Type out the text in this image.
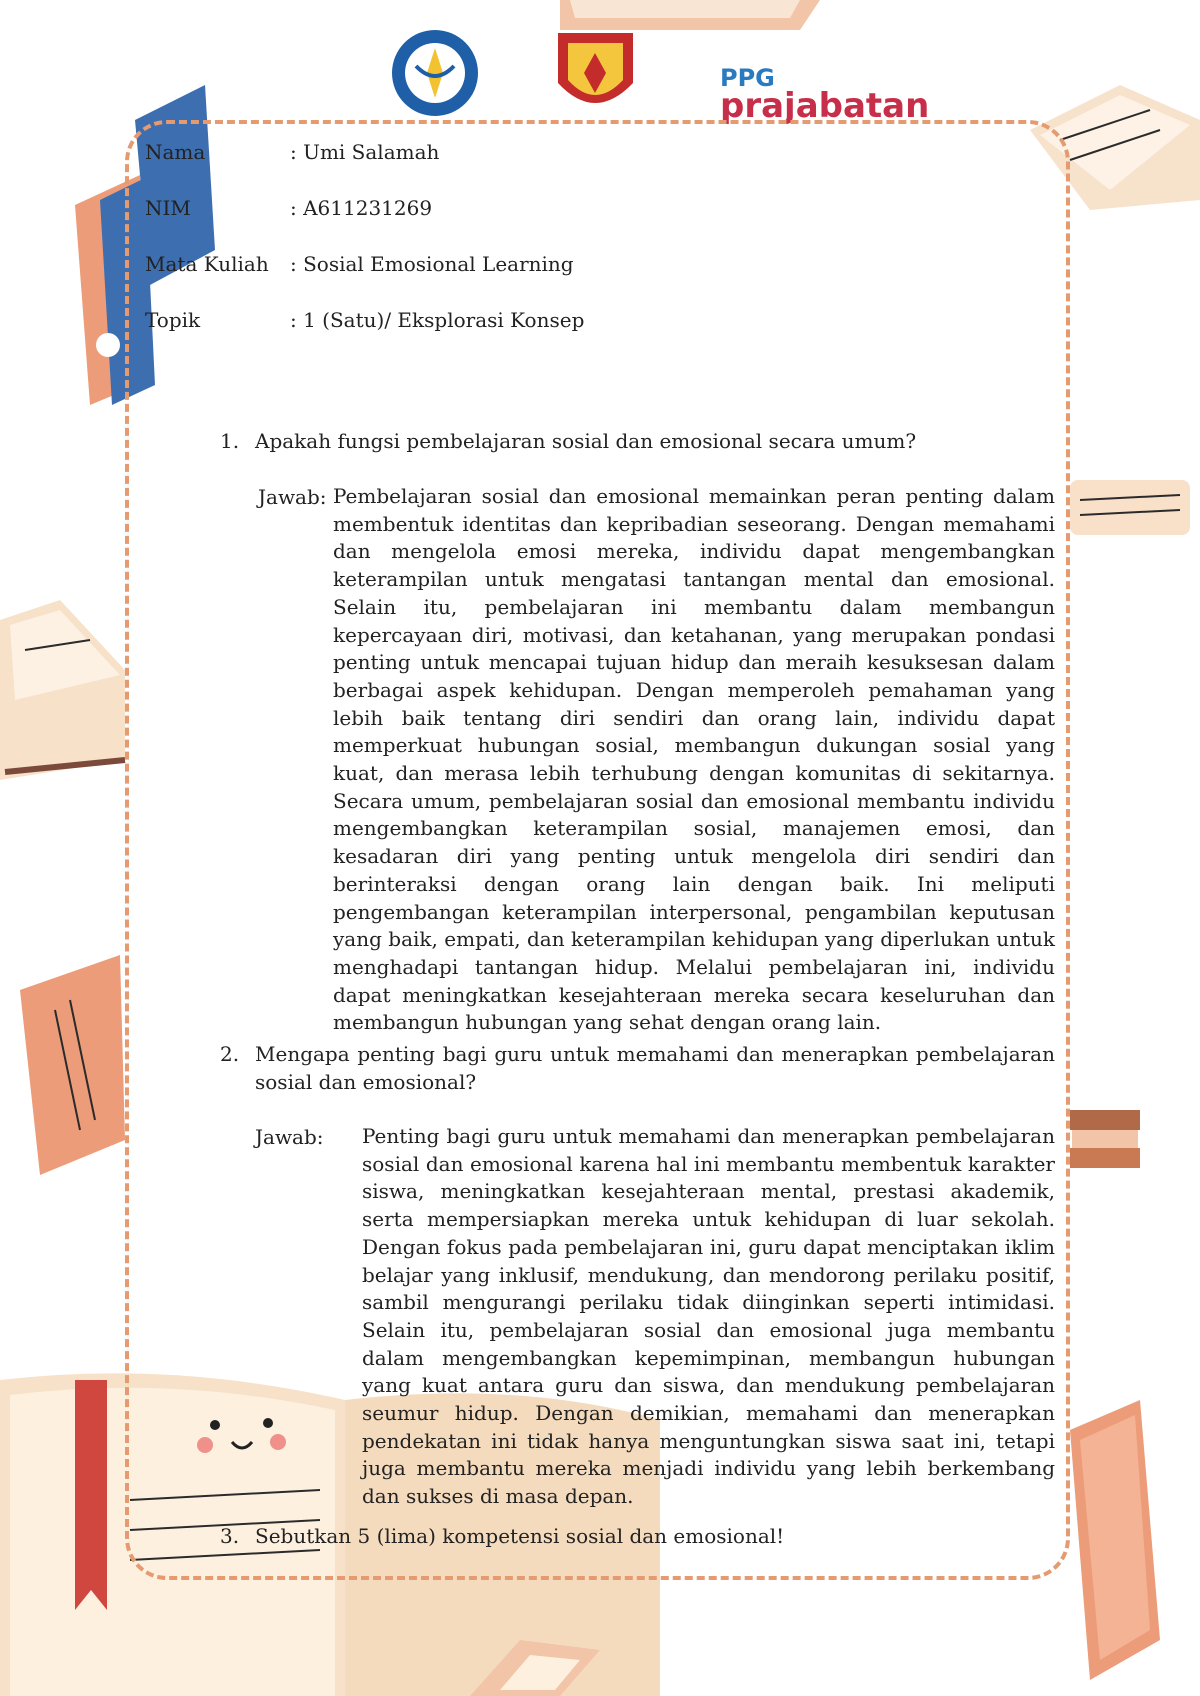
PPG
prajabatan
Nama	: Umi Salamah
NIM	: A611231269
Mata Kuliah	: Sosial Emosional Learning
Topik	: 1 (Satu)/ Eksplorasi Konsep
1. Apakah fungsi pembelajaran sosial dan emosional secara umum?
Jawab: Pembelajaran sosial dan emosional memainkan peran penting dalam membentuk identitas dan kepribadian seseorang. Dengan memahami dan mengelola emosi mereka, individu dapat mengembangkan keterampilan untuk mengatasi tantangan mental dan emosional. Selain itu, pembelajaran ini membantu dalam membangun kepercayaan diri, motivasi, dan ketahanan, yang merupakan pondasi penting untuk mencapai tujuan hidup dan meraih kesuksesan dalam berbagai aspek kehidupan. Dengan memperoleh pemahaman yang lebih baik tentang diri sendiri dan orang lain, individu dapat memperkuat hubungan sosial, membangun dukungan sosial yang kuat, dan merasa lebih terhubung dengan komunitas di sekitarnya. Secara umum, pembelajaran sosial dan emosional membantu individu mengembangkan keterampilan sosial, manajemen emosi, dan kesadaran diri yang penting untuk mengelola diri sendiri dan berinteraksi dengan orang lain dengan baik. Ini meliputi pengembangan keterampilan interpersonal, pengambilan keputusan yang baik, empati, dan keterampilan kehidupan yang diperlukan untuk menghadapi tantangan hidup. Melalui pembelajaran ini, individu dapat meningkatkan kesejahteraan mereka secara keseluruhan dan membangun hubungan yang sehat dengan orang lain.
2. Mengapa penting bagi guru untuk memahami dan menerapkan pembelajaran sosial dan emosional?
Jawab: Penting bagi guru untuk memahami dan menerapkan pembelajaran sosial dan emosional karena hal ini membantu membentuk karakter siswa, meningkatkan kesejahteraan mental, prestasi akademik, serta mempersiapkan mereka untuk kehidupan di luar sekolah. Dengan fokus pada pembelajaran ini, guru dapat menciptakan iklim belajar yang inklusif, mendukung, dan mendorong perilaku positif, sambil mengurangi perilaku tidak diinginkan seperti intimidasi. Selain itu, pembelajaran sosial dan emosional juga membantu dalam mengembangkan kepemimpinan, membangun hubungan yang kuat antara guru dan siswa, dan mendukung pembelajaran seumur hidup. Dengan demikian, memahami dan menerapkan pendekatan ini tidak hanya menguntungkan siswa saat ini, tetapi juga membantu mereka menjadi individu yang lebih berkembang dan sukses di masa depan.
3. Sebutkan 5 (lima) kompetensi sosial dan emosional!
